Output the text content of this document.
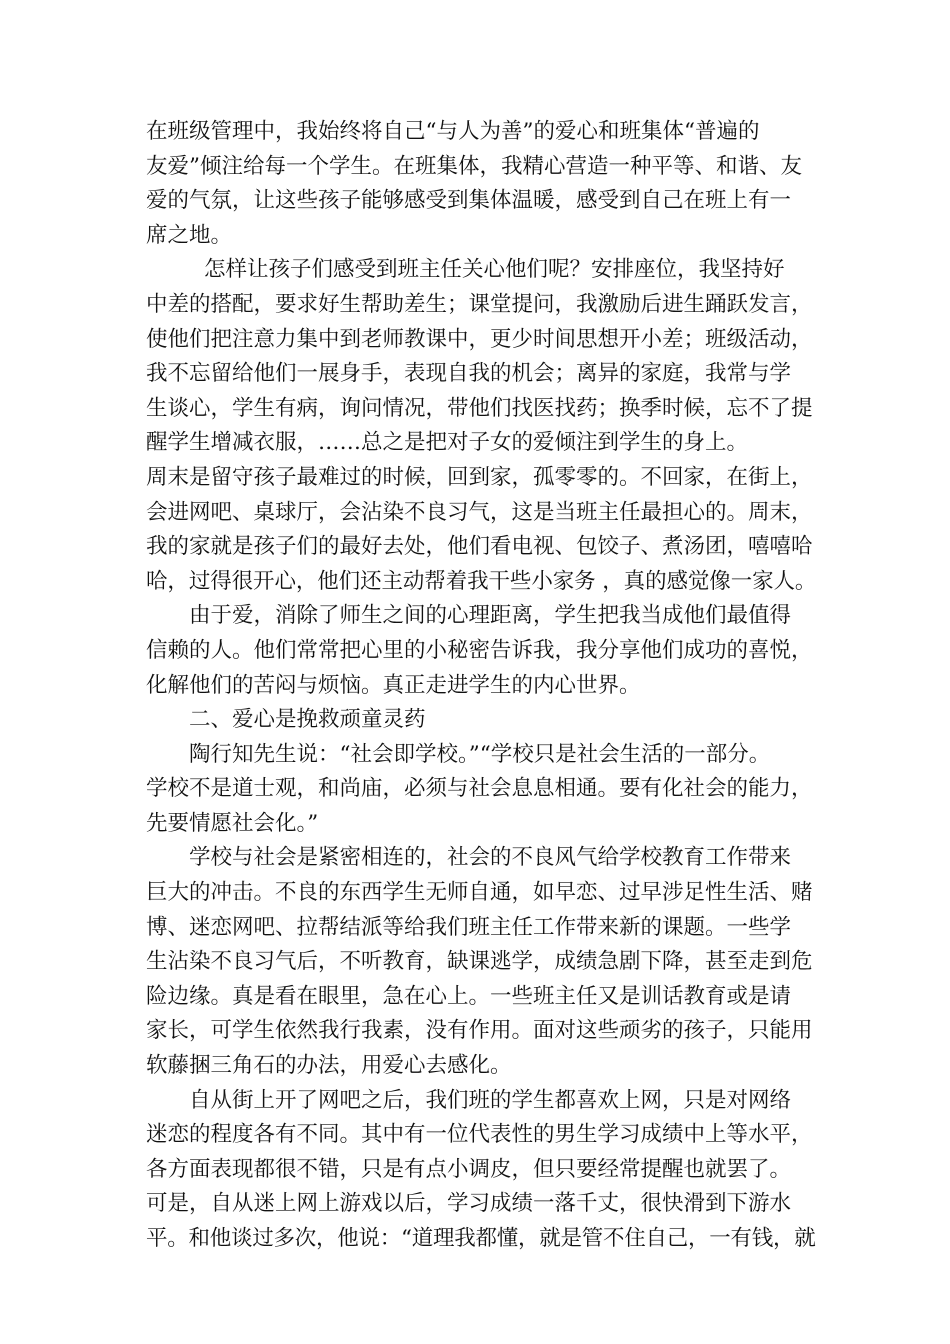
在班级管理中，我始终将自己“与人为善”的爱心和班集体“普遍的
友爱”倾注给每一个学生。在班集体，我精心营造一种平等、和谐、友
爱的气氛，让这些孩子能够感受到集体温暖，感受到自己在班上有一
席之地。
怎样让孩子们感受到班主任关心他们呢？安排座位，我坚持好
中差的搭配，要求好生帮助差生；课堂提问，我激励后进生踊跃发言，
使他们把注意力集中到老师教课中，更少时间思想开小差；班级活动，
我不忘留给他们一展身手，表现自我的机会；离异的家庭，我常与学
生谈心，学生有病，询问情况，带他们找医找药；换季时候，忘不了提
醒学生增减衣服，……总之是把对子女的爱倾注到学生的身上。
周末是留守孩子最难过的时候，回到家，孤零零的。不回家，在街上，
会进网吧、桌球厅，会沾染不良习气，这是当班主任最担心的。周末，
我的家就是孩子们的最好去处，他们看电视、包饺子、煮汤团，嘻嘻哈
哈，过得很开心，他们还主动帮着我干些小家务 ，真的感觉像一家人。
由于爱，消除了师生之间的心理距离，学生把我当成他们最值得
信赖的人。他们常常把心里的小秘密告诉我，我分享他们成功的喜悦，
化解他们的苦闷与烦恼。真正走进学生的内心世界。
二、爱心是挽救顽童灵药
陶行知先生说：“社会即学校。”“学校只是社会生活的一部分。
学校不是道士观，和尚庙，必须与社会息息相通。要有化社会的能力，
先要情愿社会化。”
学校与社会是紧密相连的，社会的不良风气给学校教育工作带来
巨大的冲击。不良的东西学生无师自通，如早恋、过早涉足性生活、赌
博、迷恋网吧、拉帮结派等给我们班主任工作带来新的课题。一些学
生沾染不良习气后，不听教育，缺课逃学，成绩急剧下降，甚至走到危
险边缘。真是看在眼里，急在心上。一些班主任又是训话教育或是请
家长，可学生依然我行我素，没有作用。面对这些顽劣的孩子，只能用
软藤捆三角石的办法，用爱心去感化。
自从街上开了网吧之后，我们班的学生都喜欢上网，只是对网络
迷恋的程度各有不同。其中有一位代表性的男生学习成绩中上等水平，
各方面表现都很不错，只是有点小调皮，但只要经常提醒也就罢了。
可是，自从迷上网上游戏以后，学习成绩一落千丈，很快滑到下游水
平。和他谈过多次，他说：“道理我都懂，就是管不住自己，一有钱，就
